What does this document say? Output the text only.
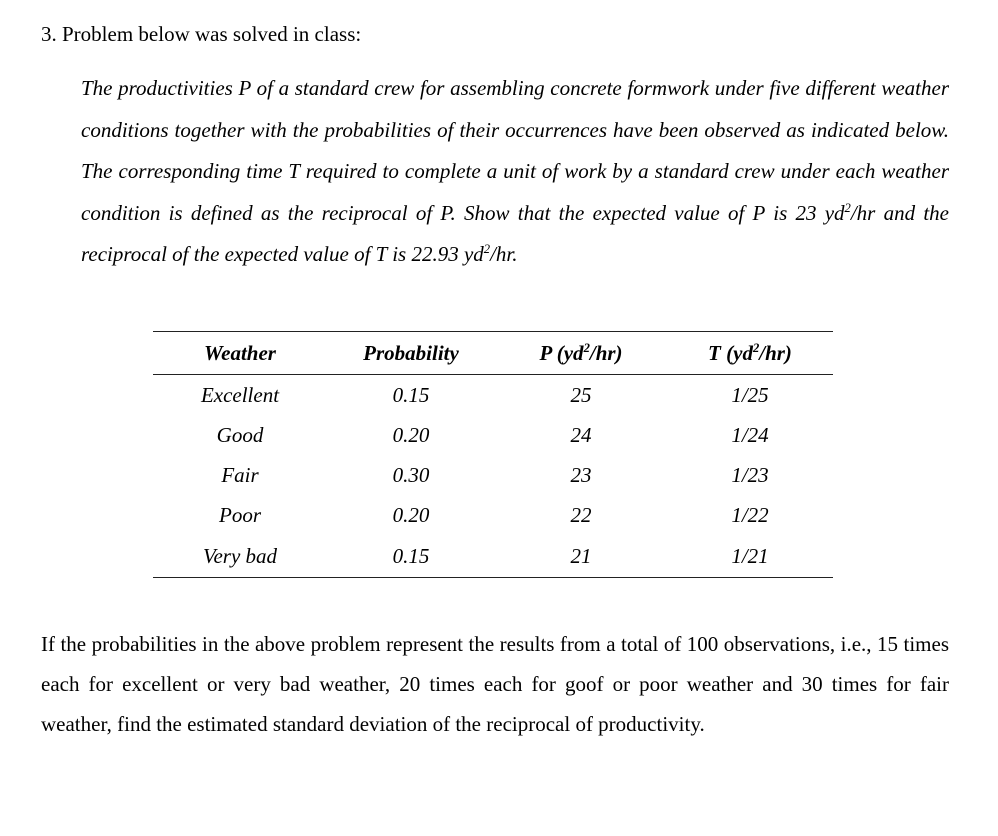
3. Problem below was solved in class:

The productivities P of a standard crew for assembling concrete formwork under five different weather conditions together with the probabilities of their occurrences have been observed as indicated below. The corresponding time T required to complete a unit of work by a standard crew under each weather condition is defined as the reciprocal of P. Show that the expected value of P is 23 $yd^2/hr$ and the reciprocal of the expected value of T is 22.93 $yd^2/hr$.

Weather	Probability	P $(yd^2/hr)$	T $(yd^2/hr)$
Excellent	0.15	25	1/25
Good	0.20	24	1/24
Fair	0.30	23	1/23
Poor	0.20	22	1/22
Very bad	0.15	21	1/21

If the probabilities in the above problem represent the results from a total of 100 observations, i.e., 15 times each for excellent or very bad weather, 20 times each for goof or poor weather and 30 times for fair weather, find the estimated standard deviation of the reciprocal of productivity.
